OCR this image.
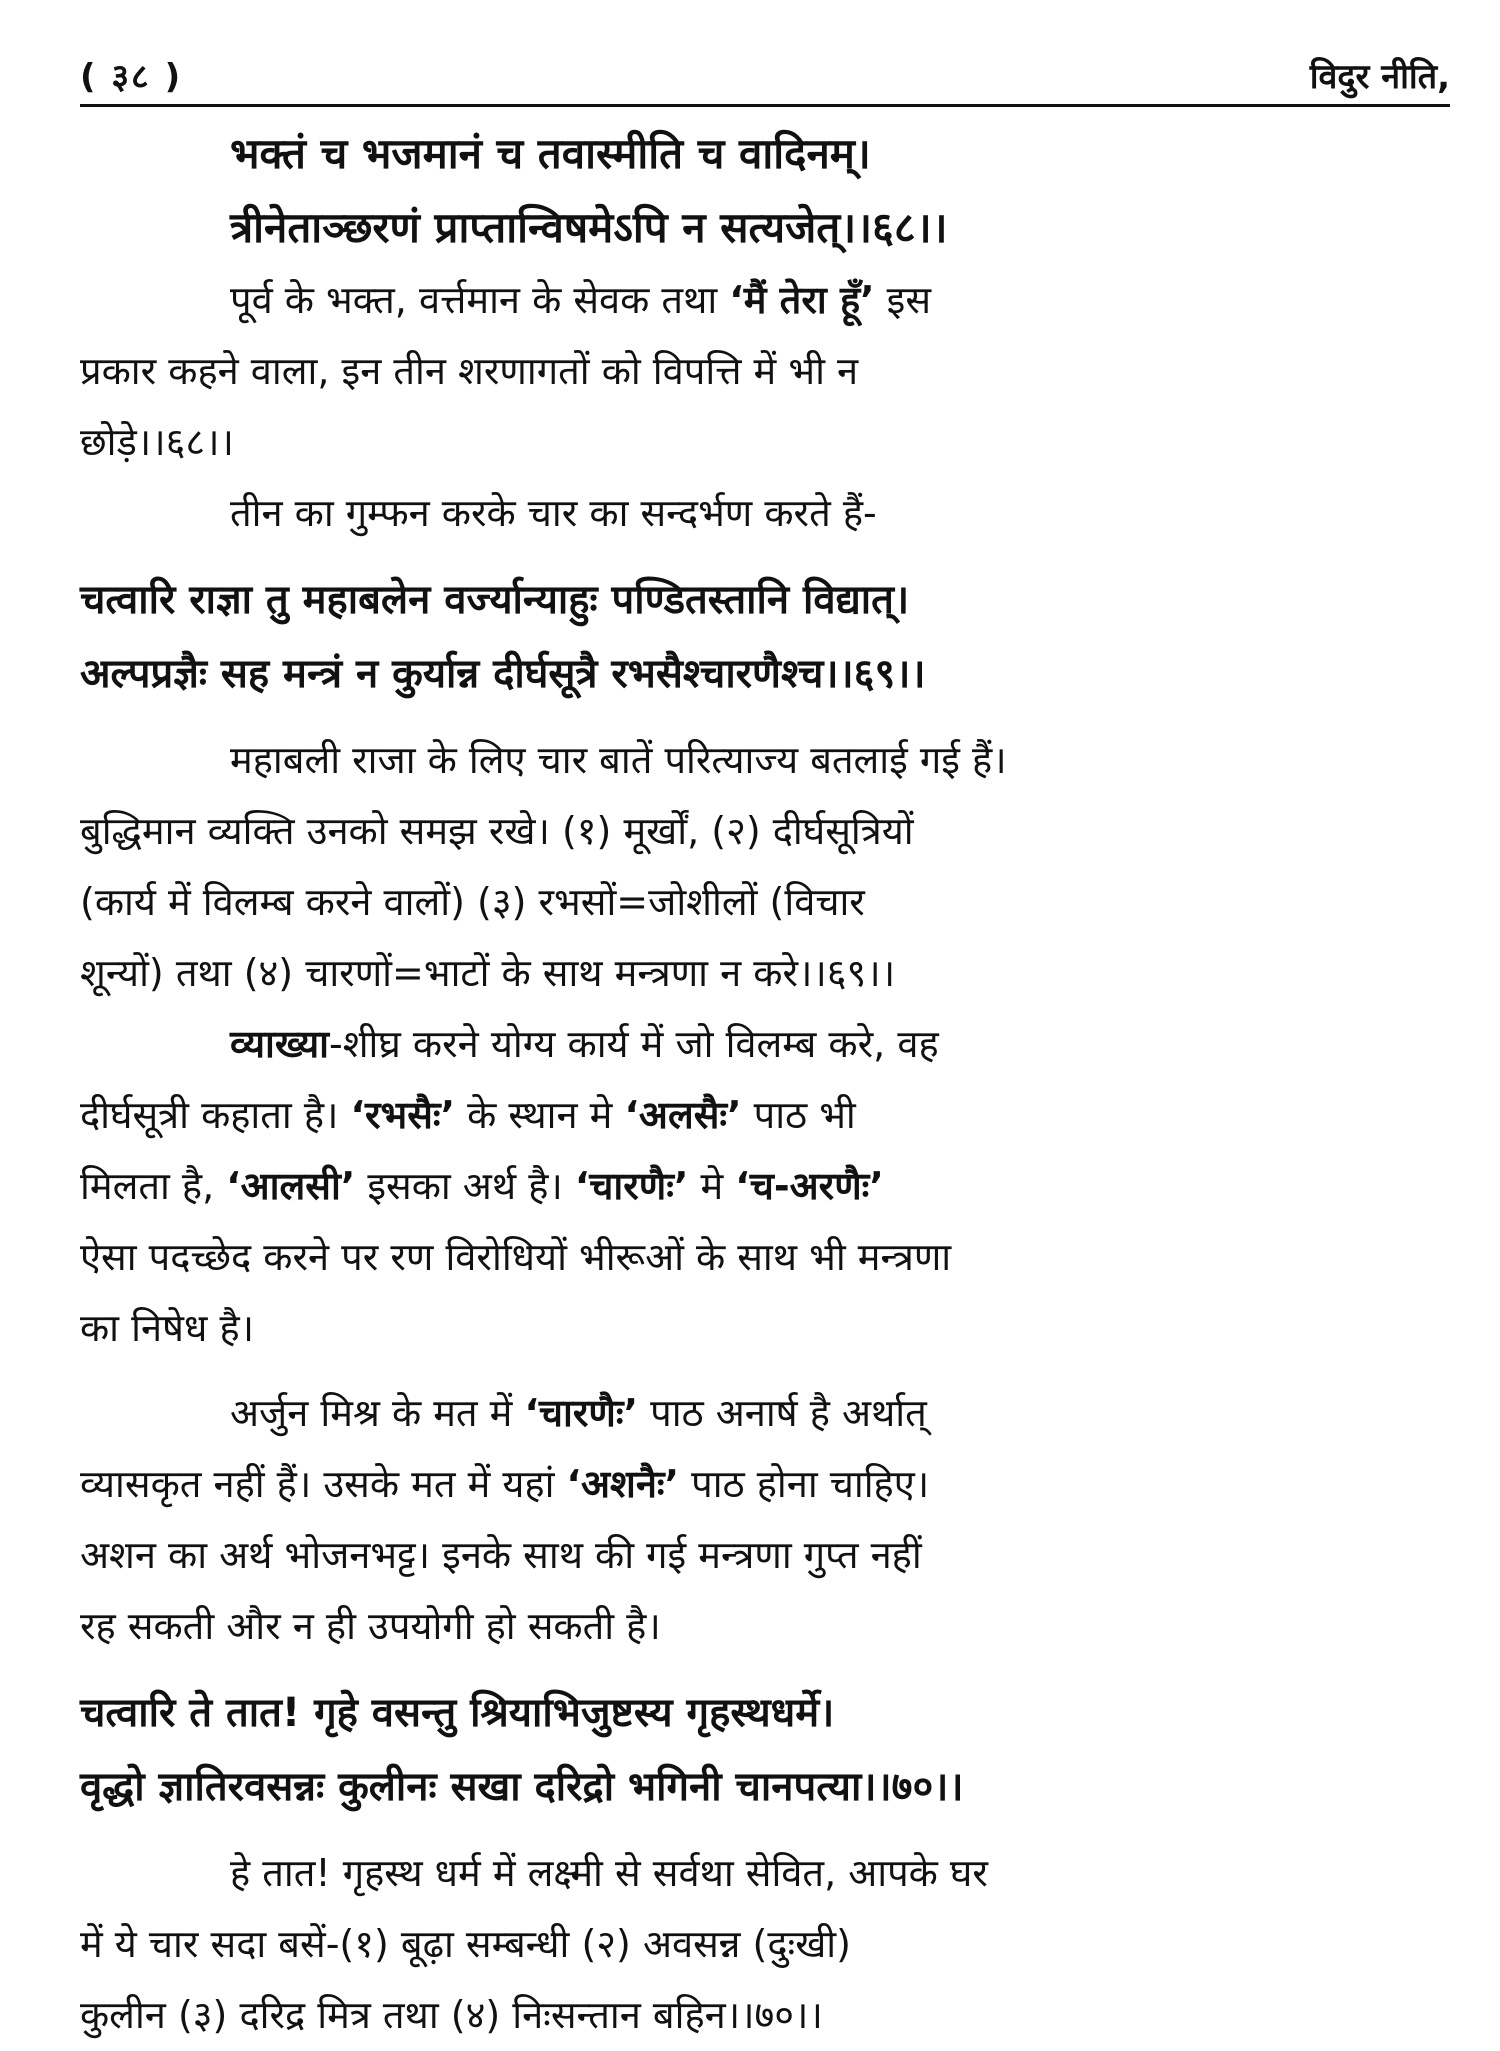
( ३८ )	विदुर नीति,
भक्तं च भजमानं च तवास्मीति च वादिनम्।
त्रीनेताञ्छरणं प्राप्तान्विषमेऽपि न सत्यजेत्।।६८।।
पूर्व के भक्त, वर्त्तमान के सेवक तथा ‘मैं तेरा हूँ’ इस
प्रकार कहने वाला, इन तीन शरणागतों को विपत्ति में भी न
छोड़े।।६८।।
तीन का गुम्फन करके चार का सन्दर्भण करते हैं-
चत्वारि राज्ञा तु महाबलेन वर्ज्यान्याहुः पण्डितस्तानि विद्यात्।
अल्पप्रज्ञैः सह मन्त्रं न कुर्यान्न दीर्घसूत्रै रभसैश्चारणैश्च।।६९।।
महाबली राजा के लिए चार बातें परित्याज्य बतलाई गई हैं।
बुद्धिमान व्यक्ति उनको समझ रखे। (१) मूर्खों, (२) दीर्घसूत्रियों
(कार्य में विलम्ब करने वालों) (३) रभसों=जोशीलों (विचार
शून्यों) तथा (४) चारणों=भाटों के साथ मन्त्रणा न करे।।६९।।
व्याख्या-शीघ्र करने योग्य कार्य में जो विलम्ब करे, वह
दीर्घसूत्री कहाता है। ‘रभसैः’ के स्थान मे ‘अलसैः’ पाठ भी
मिलता है, ‘आलसी’ इसका अर्थ है। ‘चारणैः’ मे ‘च-अरणैः’
ऐसा पदच्छेद करने पर रण विरोधियों भीरूओं के साथ भी मन्त्रणा
का निषेध है।
अर्जुन मिश्र के मत में ‘चारणैः’ पाठ अनार्ष है अर्थात्
व्यासकृत नहीं हैं। उसके मत में यहां ‘अशनैः’ पाठ होना चाहिए।
अशन का अर्थ भोजनभट्ट। इनके साथ की गई मन्त्रणा गुप्त नहीं
रह सकती और न ही उपयोगी हो सकती है।
चत्वारि ते तात! गृहे वसन्तु श्रियाभिजुष्टस्य गृहस्थधर्मे।
वृद्धो ज्ञातिरवसन्नः कुलीनः सखा दरिद्रो भगिनी चानपत्या।।७०।।
हे तात! गृहस्थ धर्म में लक्ष्मी से सर्वथा सेवित, आपके घर
में ये चार सदा बसें-(१) बूढ़ा सम्बन्धी (२) अवसन्न (दुःखी)
कुलीन (३) दरिद्र मित्र तथा (४) निःसन्तान बहिन।।७०।।
